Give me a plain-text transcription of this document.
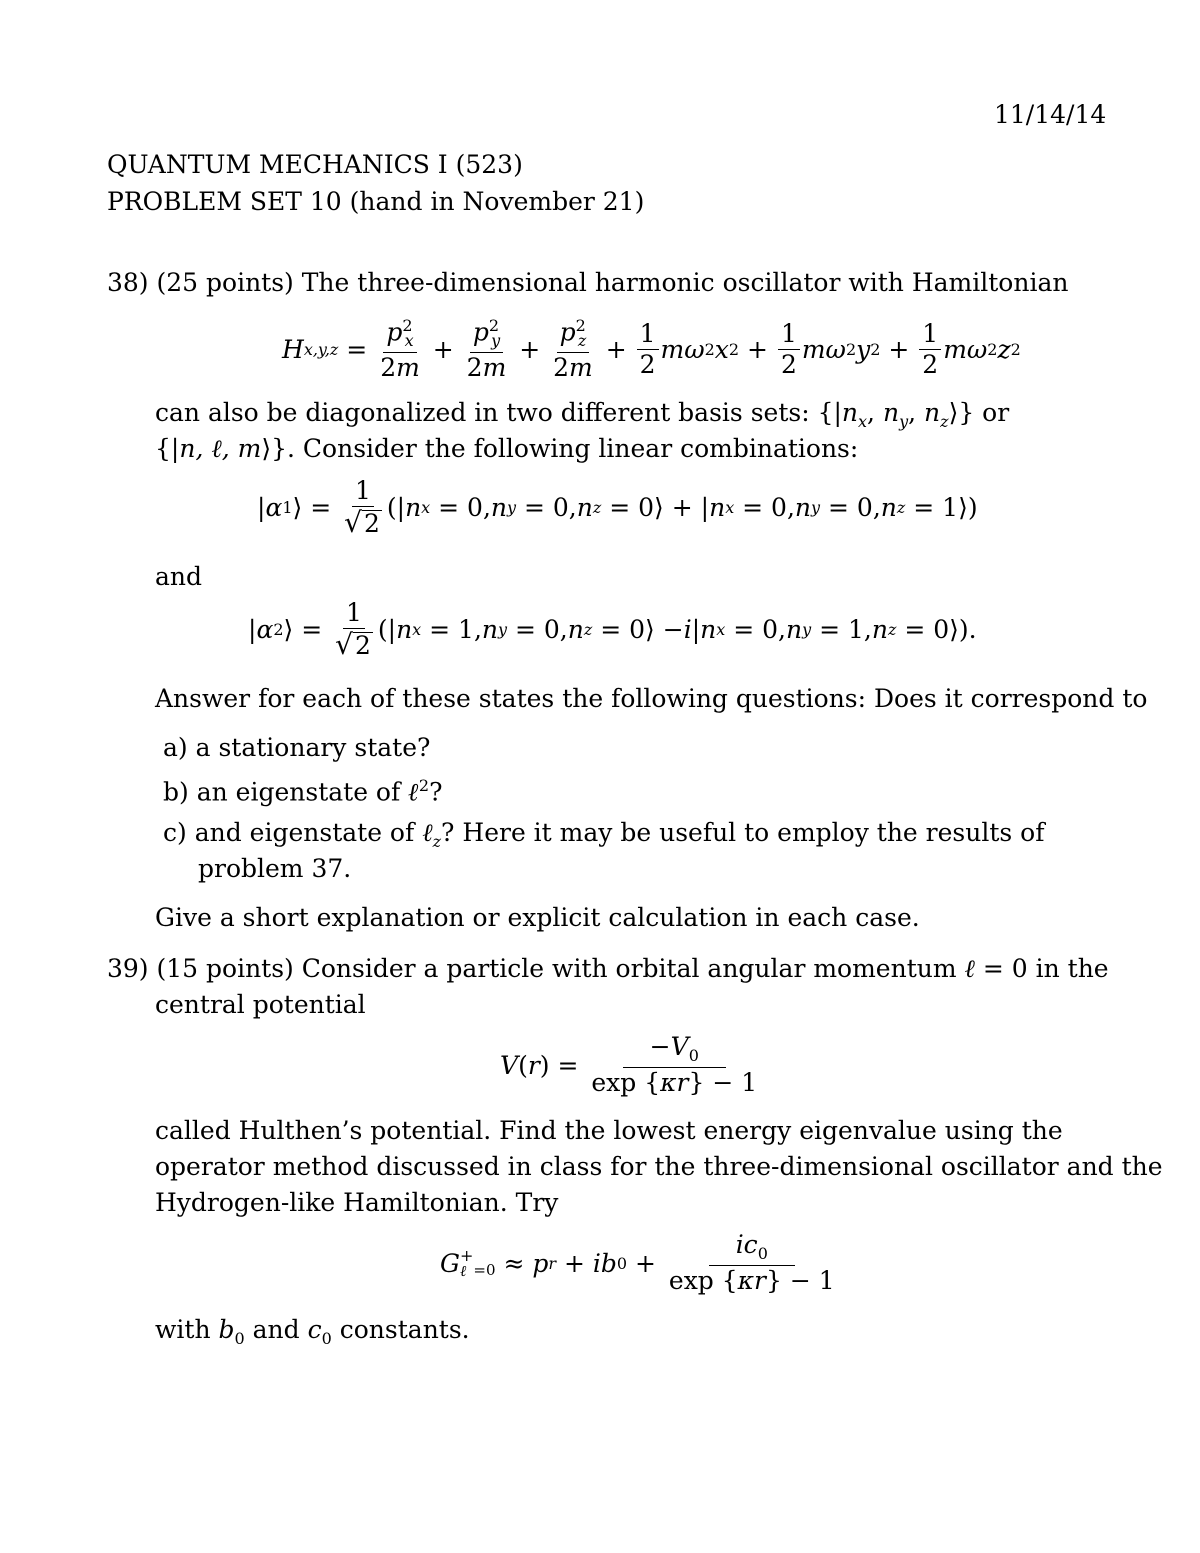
11/14/14
QUANTUM MECHANICS I (523)
PROBLEM SET 10 (hand in November 21)
38) (25 points) The three-dimensional harmonic oscillator with Hamiltonian
H $x,y,z = \frac{p^2_x}{2m} + \frac{p^2_y}{2m} + \frac{p^2_z}{2m} + \frac{1}{2}$ mω 2 x $2 + \frac{1}{2}$ mω 2 y $2 + \frac{1}{2}$ mω 2 z 2
can also be diagonalized in two different basis sets: {$|n_x$, $n_y$, $n_z⟩$} or
{|n, ℓ, m⟩}. Consider the following linear combinations:
| α 1 ⟩ = $\frac{1}{√ 2}$ (| n x = 0, n y = 0, n z = 0⟩ + | n x = 0, n y = 0, n z = 1⟩)
and
| α 2 ⟩ = $\frac{1}{√ 2}$ (| n x = 1, n y = 0, n z = 0⟩ − i | n x = 0, n y = 1, n z = 0⟩).
Answer for each of these states the following questions: Does it correspond to
a) a stationary state?
b) an eigenstate of ℓ$^2$?
c) and eigenstate of ℓ$_z$? Here it may be useful to employ the results of
problem 37.
Give a short explanation or explicit calculation in each case.
39) (15 points) Consider a particle with orbital angular momentum ℓ = 0 in the
central potential
V ( r ) = $\frac{-V_0}{\exp \{\kappa r\} - 1}$
called Hulthen’s potential. Find the lowest energy eigenvalue using the
operator method discussed in class for the three-dimensional oscillator and the
Hydrogen-like Hamiltonian. Try
G +
ℓ =0 ≈ p r + ib $0 + \frac{ic_0}{\exp \{\kappa r\} - 1}$
with $b_0$ and $c_0$ constants.
